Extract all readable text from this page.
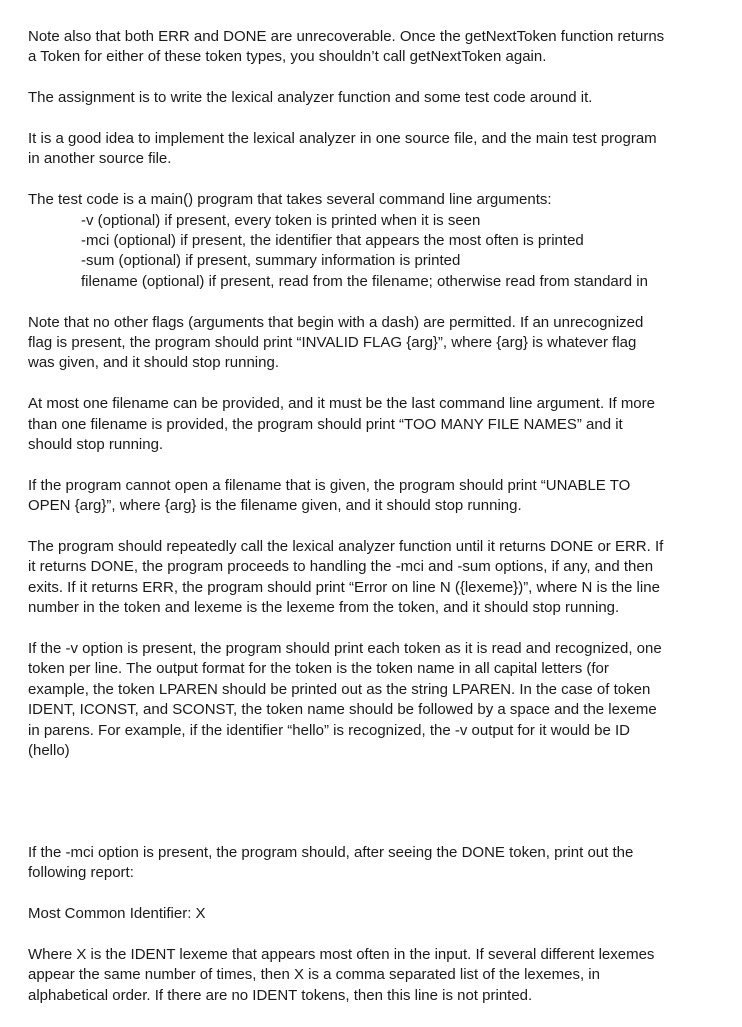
Note also that both ERR and DONE are unrecoverable. Once the getNextToken function returns
a Token for either of these token types, you shouldn’t call getNextToken again.

The assignment is to write the lexical analyzer function and some test code around it.

It is a good idea to implement the lexical analyzer in one source file, and the main test program
in another source file.

The test code is a main() program that takes several command line arguments:
-v (optional) if present, every token is printed when it is seen
-mci (optional) if present, the identifier that appears the most often is printed
-sum (optional) if present, summary information is printed
filename (optional) if present, read from the filename; otherwise read from standard in

Note that no other flags (arguments that begin with a dash) are permitted. If an unrecognized
flag is present, the program should print “INVALID FLAG {arg}”, where {arg} is whatever flag
was given, and it should stop running.

At most one filename can be provided, and it must be the last command line argument. If more
than one filename is provided, the program should print “TOO MANY FILE NAMES” and it
should stop running.

If the program cannot open a filename that is given, the program should print “UNABLE TO
OPEN {arg}”, where {arg} is the filename given, and it should stop running.

The program should repeatedly call the lexical analyzer function until it returns DONE or ERR. If
it returns DONE, the program proceeds to handling the -mci and -sum options, if any, and then
exits. If it returns ERR, the program should print “Error on line N ({lexeme})”, where N is the line
number in the token and lexeme is the lexeme from the token, and it should stop running.

If the -v option is present, the program should print each token as it is read and recognized, one
token per line. The output format for the token is the token name in all capital letters (for
example, the token LPAREN should be printed out as the string LPAREN. In the case of token
IDENT, ICONST, and SCONST, the token name should be followed by a space and the lexeme
in parens. For example, if the identifier “hello” is recognized, the -v output for it would be ID
(hello)

If the -mci option is present, the program should, after seeing the DONE token, print out the
following report:

Most Common Identifier: X

Where X is the IDENT lexeme that appears most often in the input. If several different lexemes
appear the same number of times, then X is a comma separated list of the lexemes, in
alphabetical order. If there are no IDENT tokens, then this line is not printed.
